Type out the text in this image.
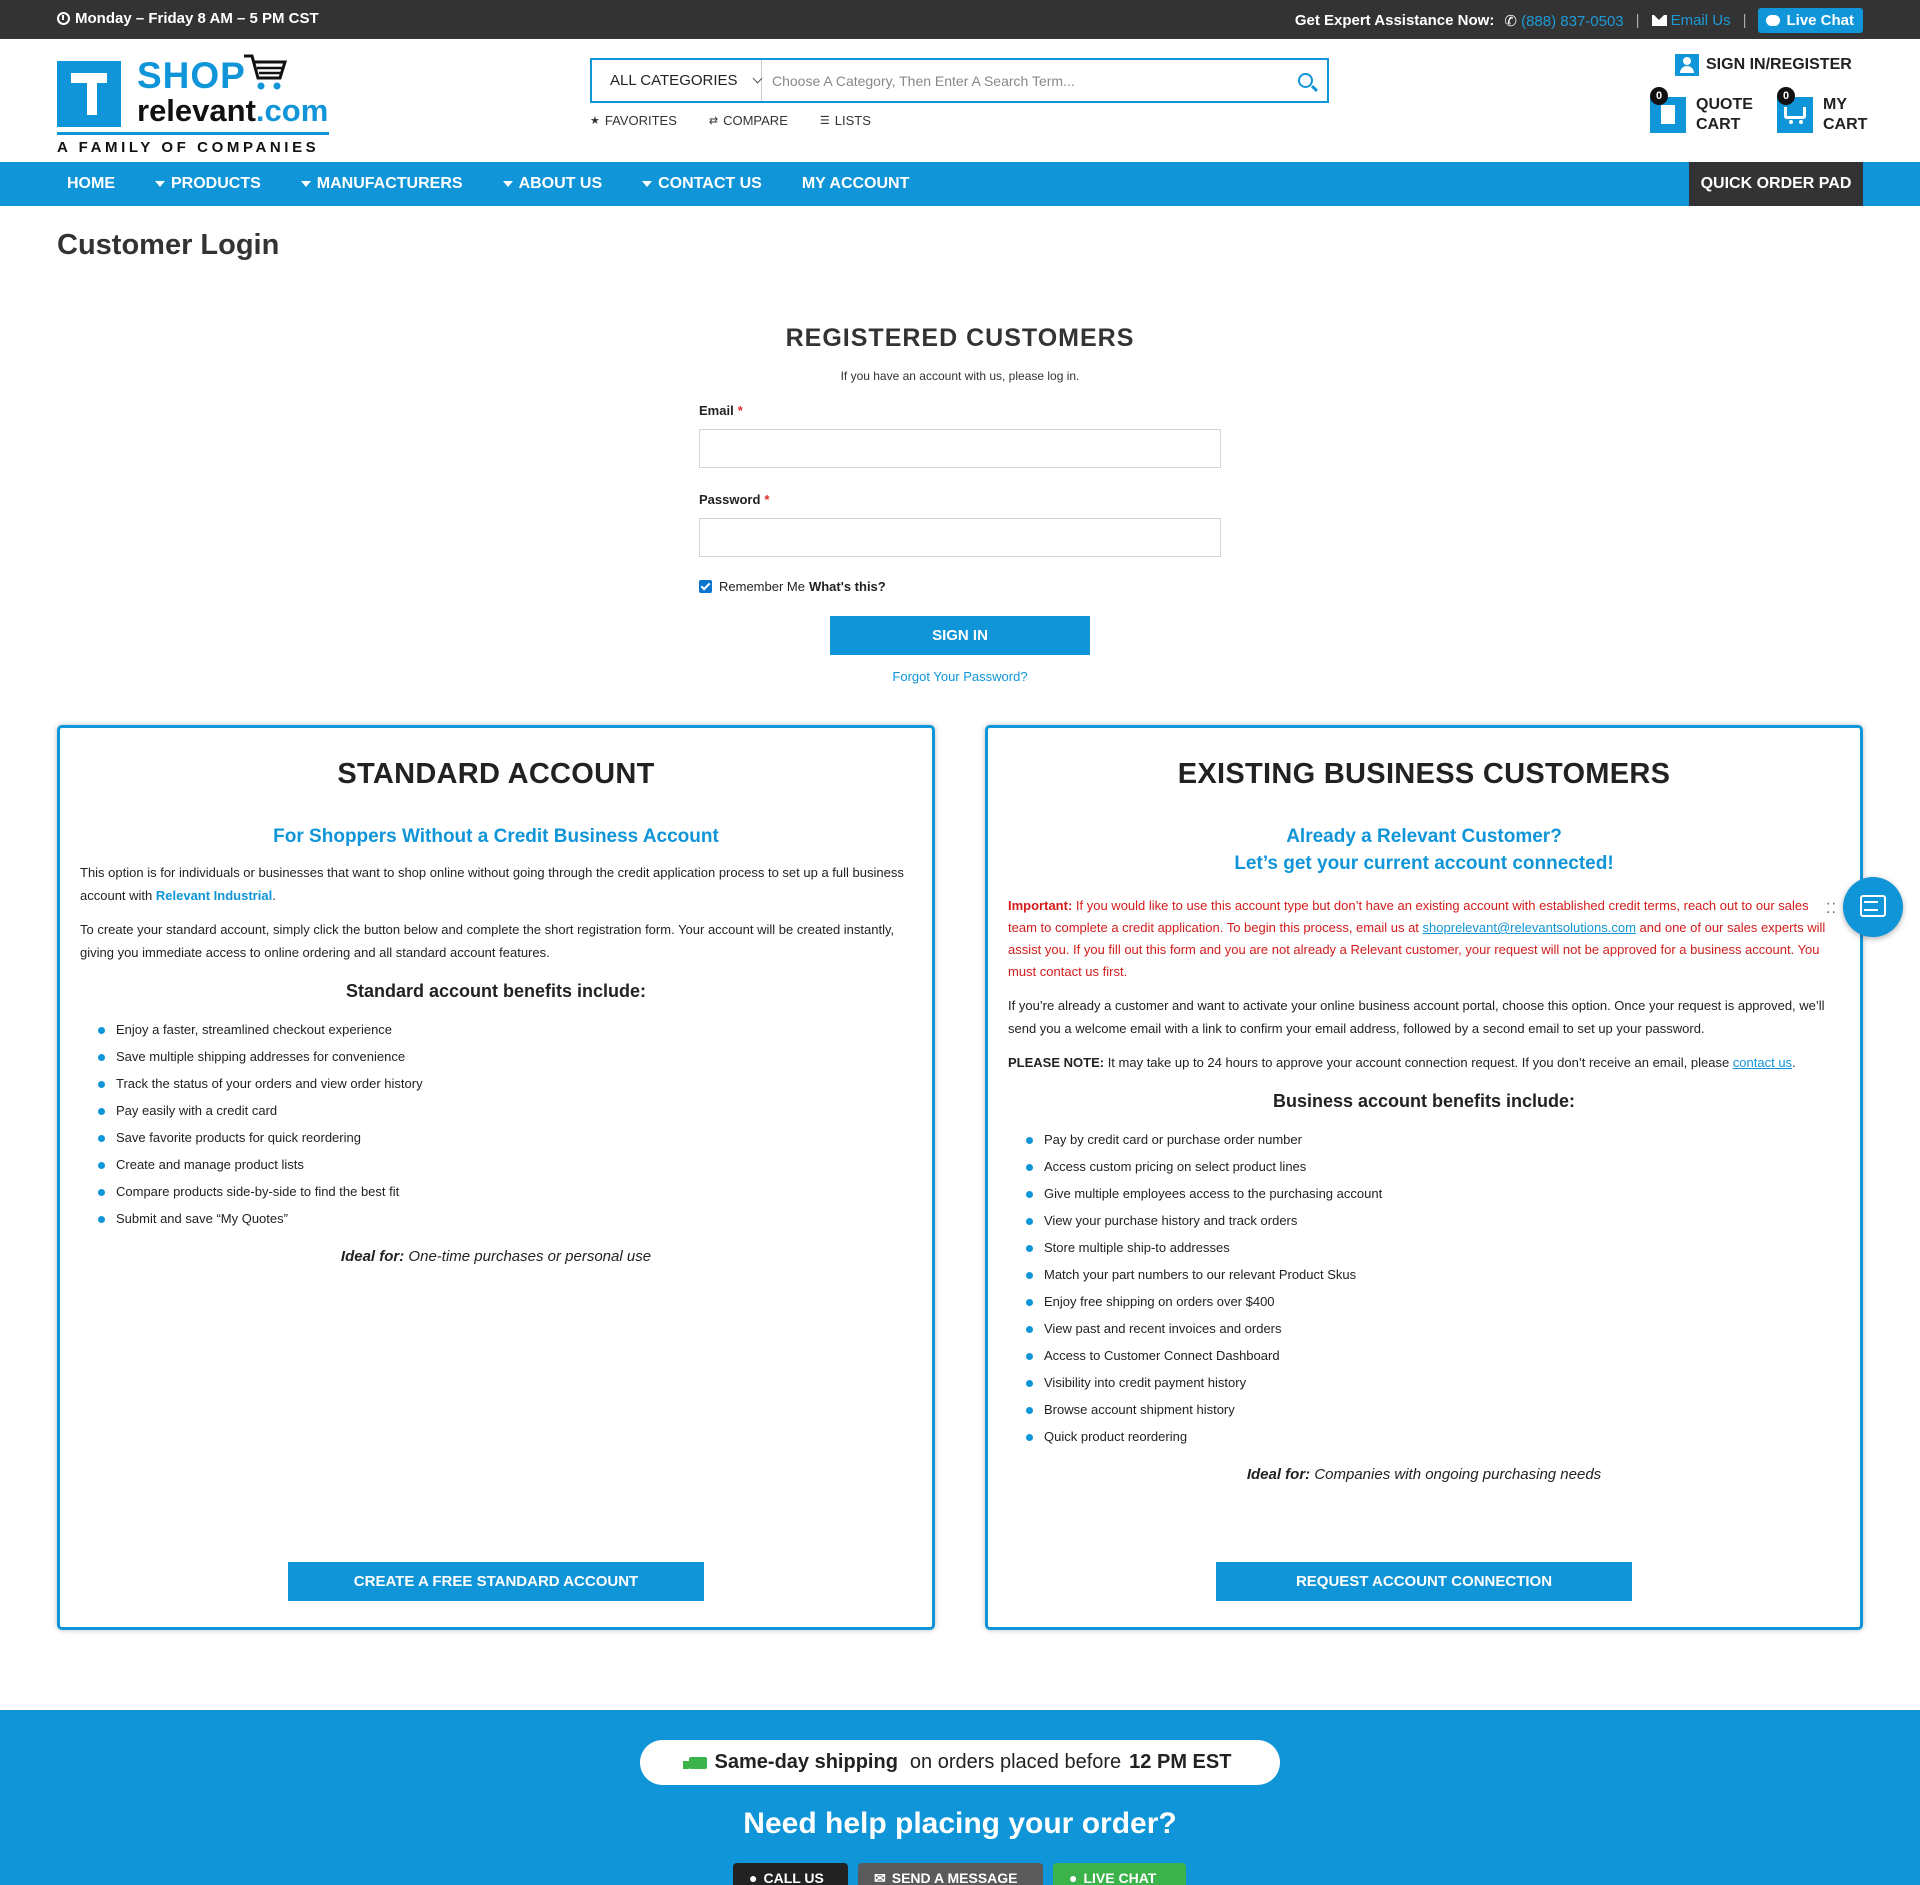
Monday – Friday 8 AM – 5 PM CST	Get Expert Assistance Now: ✆ (888) 837-0503 | Email Us |	Live Chat
SHOP
relevant.com
A FAMILY OF COMPANIES
ALL CATEGORIES
Choose A Category, Then Enter A Search Term...
★ FAVORITES	⇄ COMPARE	☰ LISTS
SIGN IN/REGISTER
0	QUOTE
CART
0	MY
CART
HOME	PRODUCTS	MANUFACTURERS	ABOUT US	CONTACT US	MY ACCOUNT	QUICK ORDER PAD
Customer Login
REGISTERED CUSTOMERS
If you have an account with us, please log in.
Email *
Password *
Remember Me What's this?
SIGN IN
Forgot Your Password?
STANDARD ACCOUNT
For Shoppers Without a Credit Business Account

This option is for individuals or businesses that want to shop online without going through the credit application process to set up a full business account with Relevant Industrial.

To create your standard account, simply click the button below and complete the short registration form. Your account will be created instantly, giving you immediate access to online ordering and all standard account features.

Standard account benefits include:
Enjoy a faster, streamlined checkout experience
Save multiple shipping addresses for convenience
Track the status of your orders and view order history
Pay easily with a credit card
Save favorite products for quick reordering
Create and manage product lists
Compare products side-by-side to find the best fit
Submit and save “My Quotes”
Ideal for: One-time purchases or personal use
CREATE A FREE STANDARD ACCOUNT
EXISTING BUSINESS CUSTOMERS
Already a Relevant Customer?
Let’s get your current account connected!

Important: If you would like to use this account type but don’t have an existing account with established credit terms, reach out to our sales team to complete a credit application. To begin this process, email us at shoprelevant@relevantsolutions.com and one of our sales experts will assist you. If you fill out this form and you are not already a Relevant customer, your request will not be approved for a business account. You must contact us first.

If you’re already a customer and want to activate your online business account portal, choose this option. Once your request is approved, we’ll send you a welcome email with a link to confirm your email address, followed by a second email to set up your password.

PLEASE NOTE: It may take up to 24 hours to approve your account connection request. If you don’t receive an email, please contact us.

Business account benefits include:
Pay by credit card or purchase order number
Access custom pricing on select product lines
Give multiple employees access to the purchasing account
View your purchase history and track orders
Store multiple ship-to addresses
Match your part numbers to our relevant Product Skus
Enjoy free shipping on orders over $400
View past and recent invoices and orders
Access to Customer Connect Dashboard
Visibility into credit payment history
Browse account shipment history
Quick product reordering
Ideal for: Companies with ongoing purchasing needs
REQUEST ACCOUNT CONNECTION
⁚⁚
Same-day shipping on orders placed before 12 PM EST
Need help placing your order?
● CALL US	✉ SEND A MESSAGE	● LIVE CHAT
